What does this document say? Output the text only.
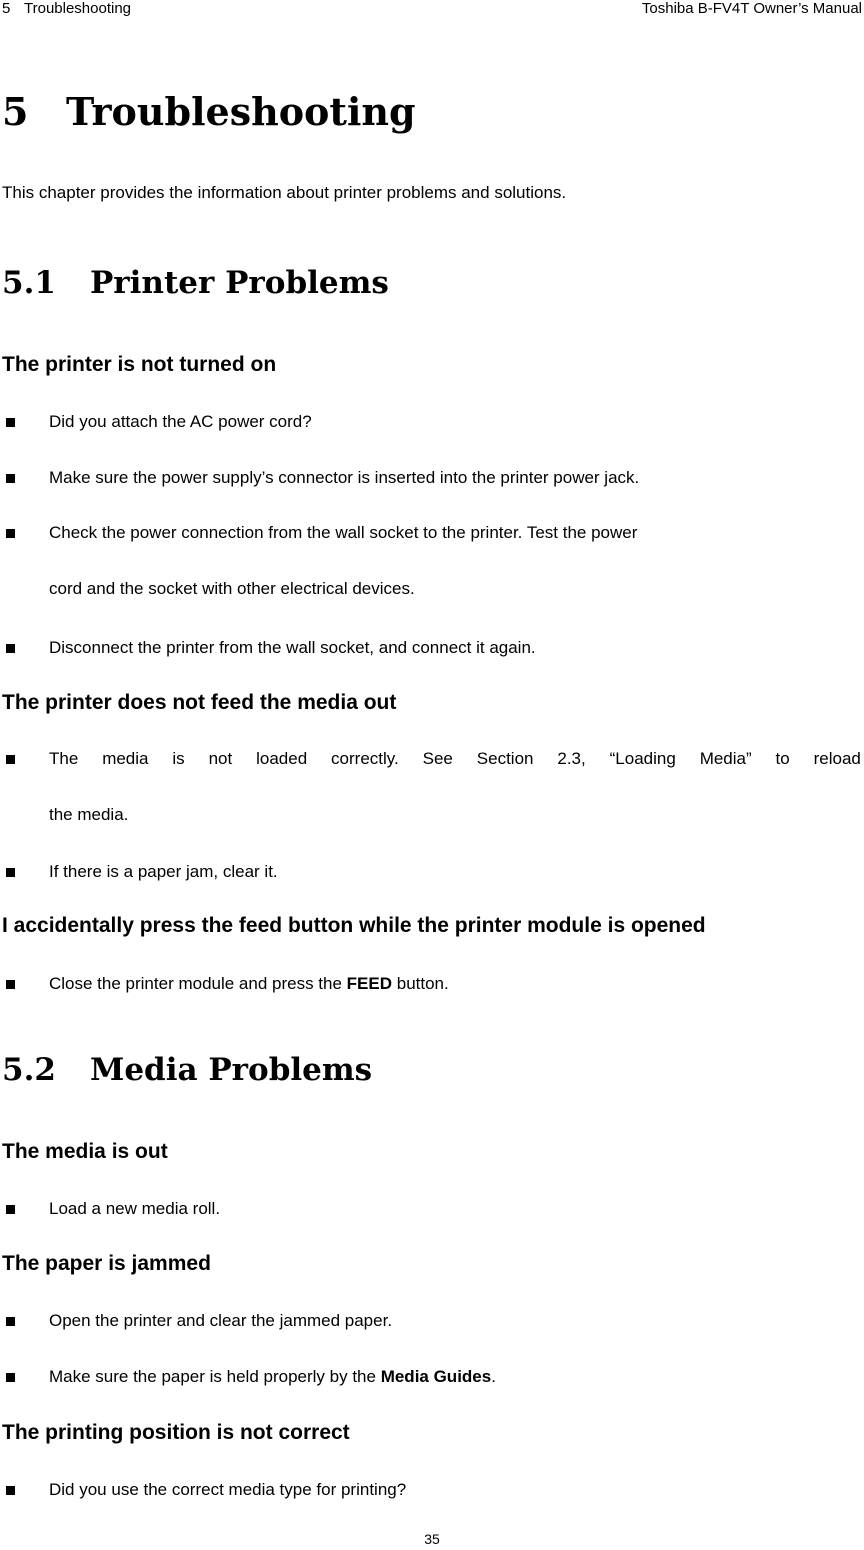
5 Troubleshooting	Toshiba B-FV4T Owner’s Manual
5 Troubleshooting

This chapter provides the information about printer problems and solutions.

5.1 Printer Problems
The printer is not turned on
Did you attach the AC power cord?
Make sure the power supply’s connector is inserted into the printer power jack.
Check the power connection from the wall socket to the printer. Test the power
cord and the socket with other electrical devices.
Disconnect the printer from the wall socket, and connect it again.
The printer does not feed the media out
The media is not loaded correctly. See Section 2.3, “Loading Media” to reload
the media.
If there is a paper jam, clear it.
I accidentally press the feed button while the printer module is opened
Close the printer module and press the FEED button.
5.2 Media Problems
The media is out
Load a new media roll.
The paper is jammed
Open the printer and clear the jammed paper.
Make sure the paper is held properly by the Media Guides.
The printing position is not correct
Did you use the correct media type for printing?
35
